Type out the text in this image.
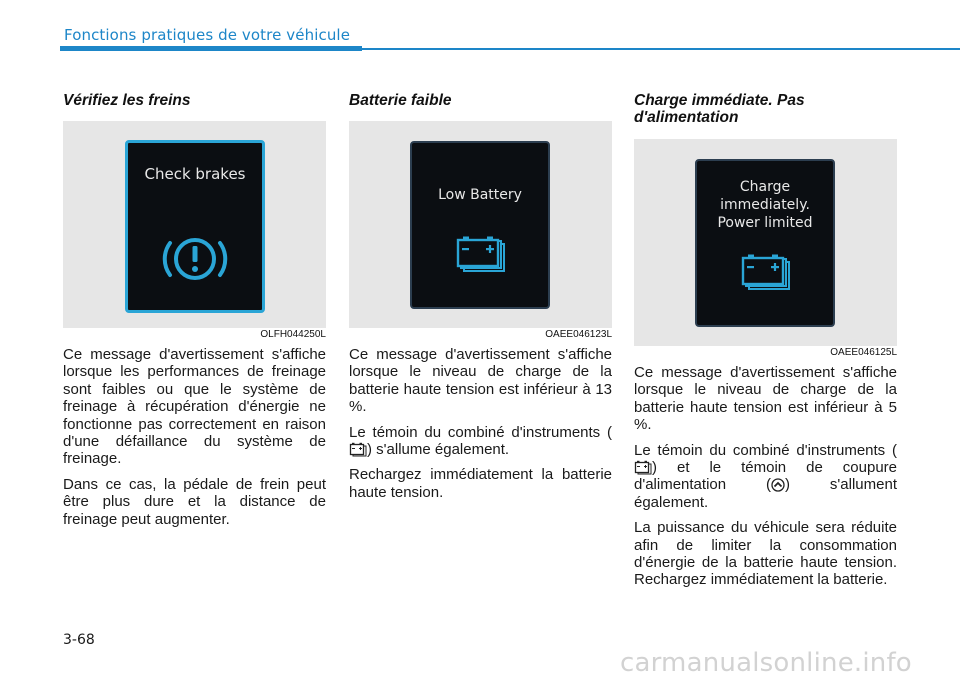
Fonctions pratiques de votre véhicule
Vérifiez les freins
Check brakes
OLFH044250L

Ce message d'avertissement s'affiche lorsque les performances de freinage sont faibles ou que le système de freinage à récupération d'énergie ne fonctionne pas correctement en raison d'une défaillance du système de freinage.

Dans ce cas, la pédale de frein peut être plus dure et la distance de freinage peut augmenter.

Batterie faible
Low Battery
OAEE046123L

Ce message d'avertissement s'affiche lorsque le niveau de charge de la batterie haute tension est inférieur à 13 %.

Le témoin du combiné d'instruments () s'allume également.

Rechargez immédiatement la batterie haute tension.

Charge immédiate. Pas
d'alimentation
Charge
immediately.
Power limited
OAEE046125L

Ce message d'avertissement s'affiche lorsque le niveau de charge de la batterie haute tension est inférieur à 5 %.

Le témoin du combiné d'instruments () et le témoin de coupure d'alimentation ( ) s'allument également.

La puissance du véhicule sera réduite afin de limiter la consommation d'énergie de la batterie haute tension. Rechargez immédiatement la batterie.

3-68
carmanualsonline.info
